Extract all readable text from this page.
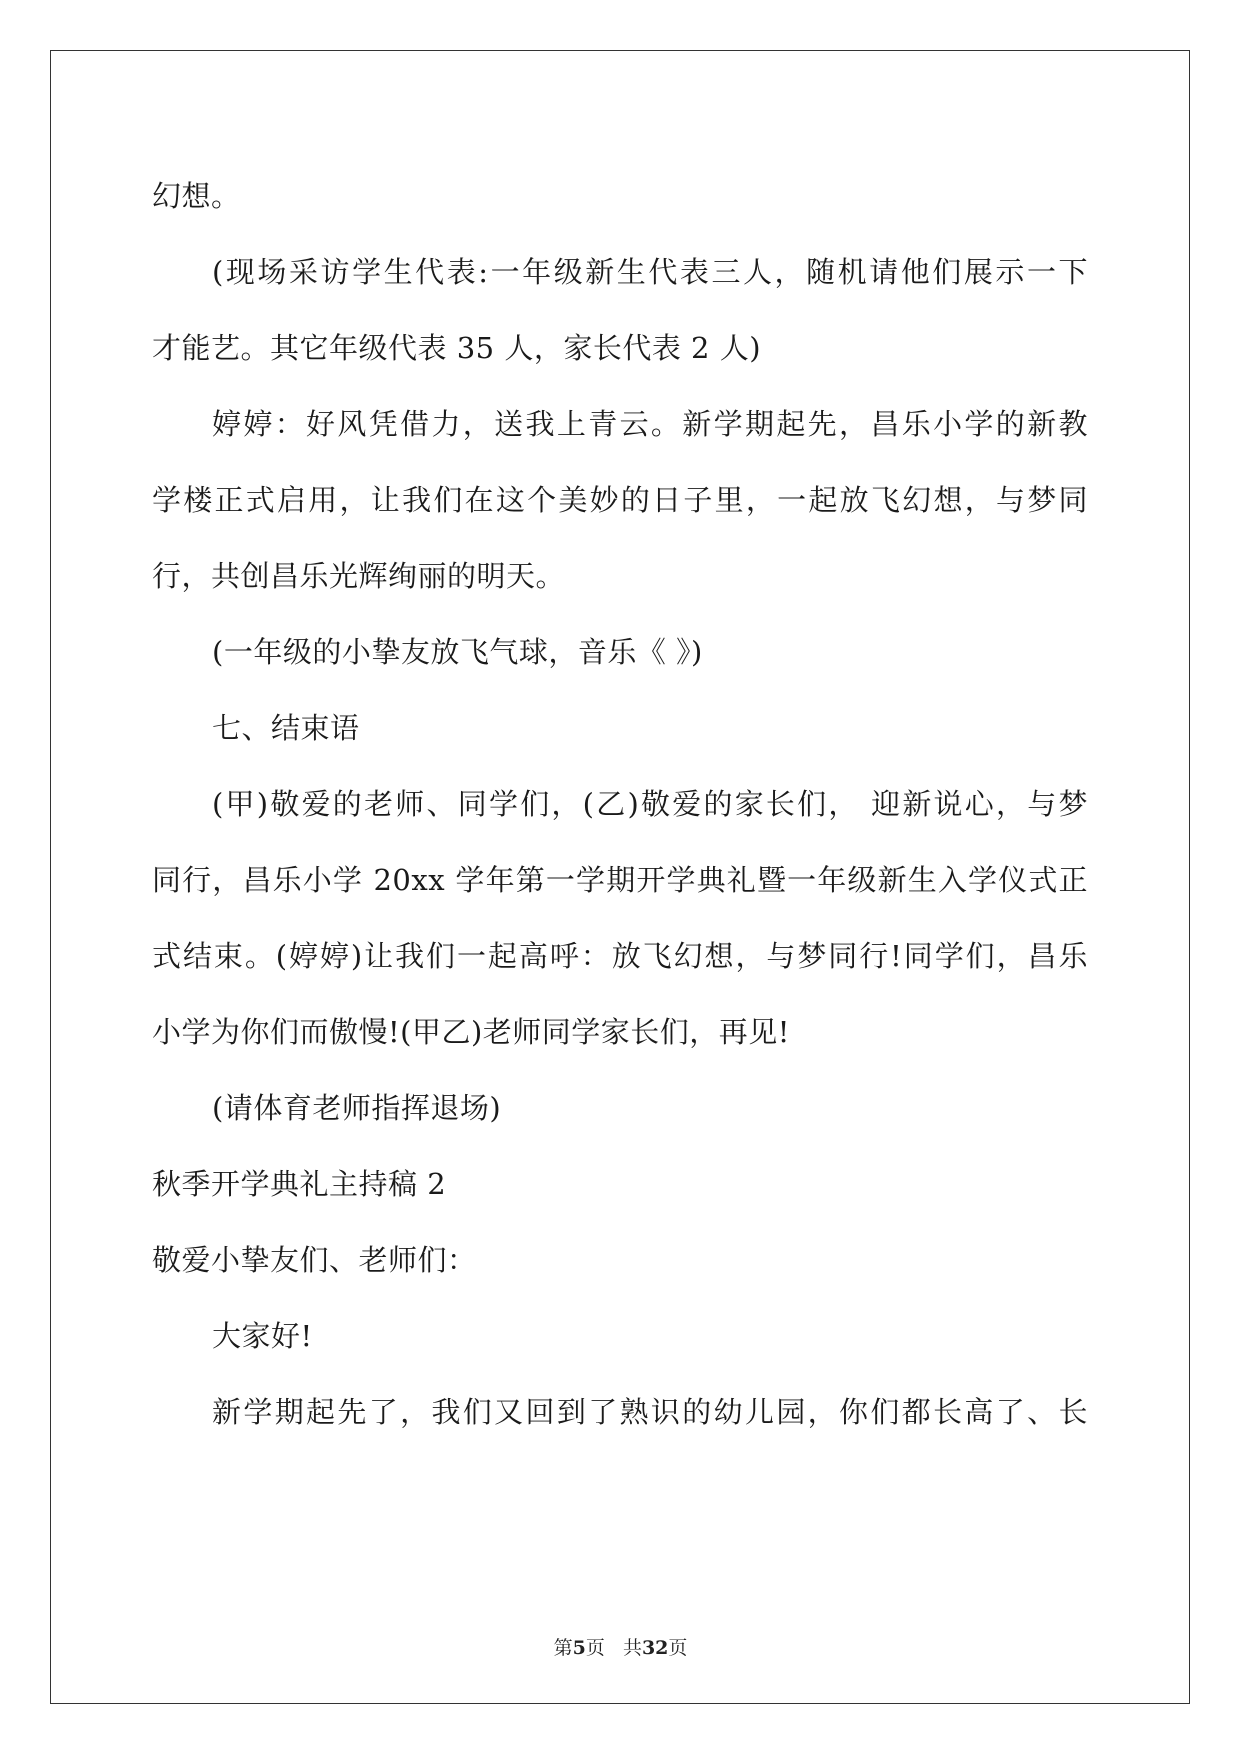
幻想。
(现场采访学生代表:一年级新生代表三人，随机请他们展示一下
才能艺。其它年级代表 35 人，家长代表 2 人)
婷婷：好风凭借力，送我上青云。新学期起先，昌乐小学的新教
学楼正式启用，让我们在这个美妙的日子里，一起放飞幻想，与梦同
行，共创昌乐光辉绚丽的明天。
(一年级的小挚友放飞气球，音乐《 》)
七、结束语
(甲)敬爱的老师、同学们，(乙)敬爱的家长们， 迎新说心，与梦
同行，昌乐小学 20xx 学年第一学期开学典礼暨一年级新生入学仪式正
式结束。(婷婷)让我们一起高呼：放飞幻想，与梦同行!同学们，昌乐
小学为你们而傲慢!(甲乙)老师同学家长们，再见!
(请体育老师指挥退场)
秋季开学典礼主持稿 2
敬爱小挚友们、老师们：
大家好!
新学期起先了，我们又回到了熟识的幼儿园，你们都长高了、长
第5页   共32页
